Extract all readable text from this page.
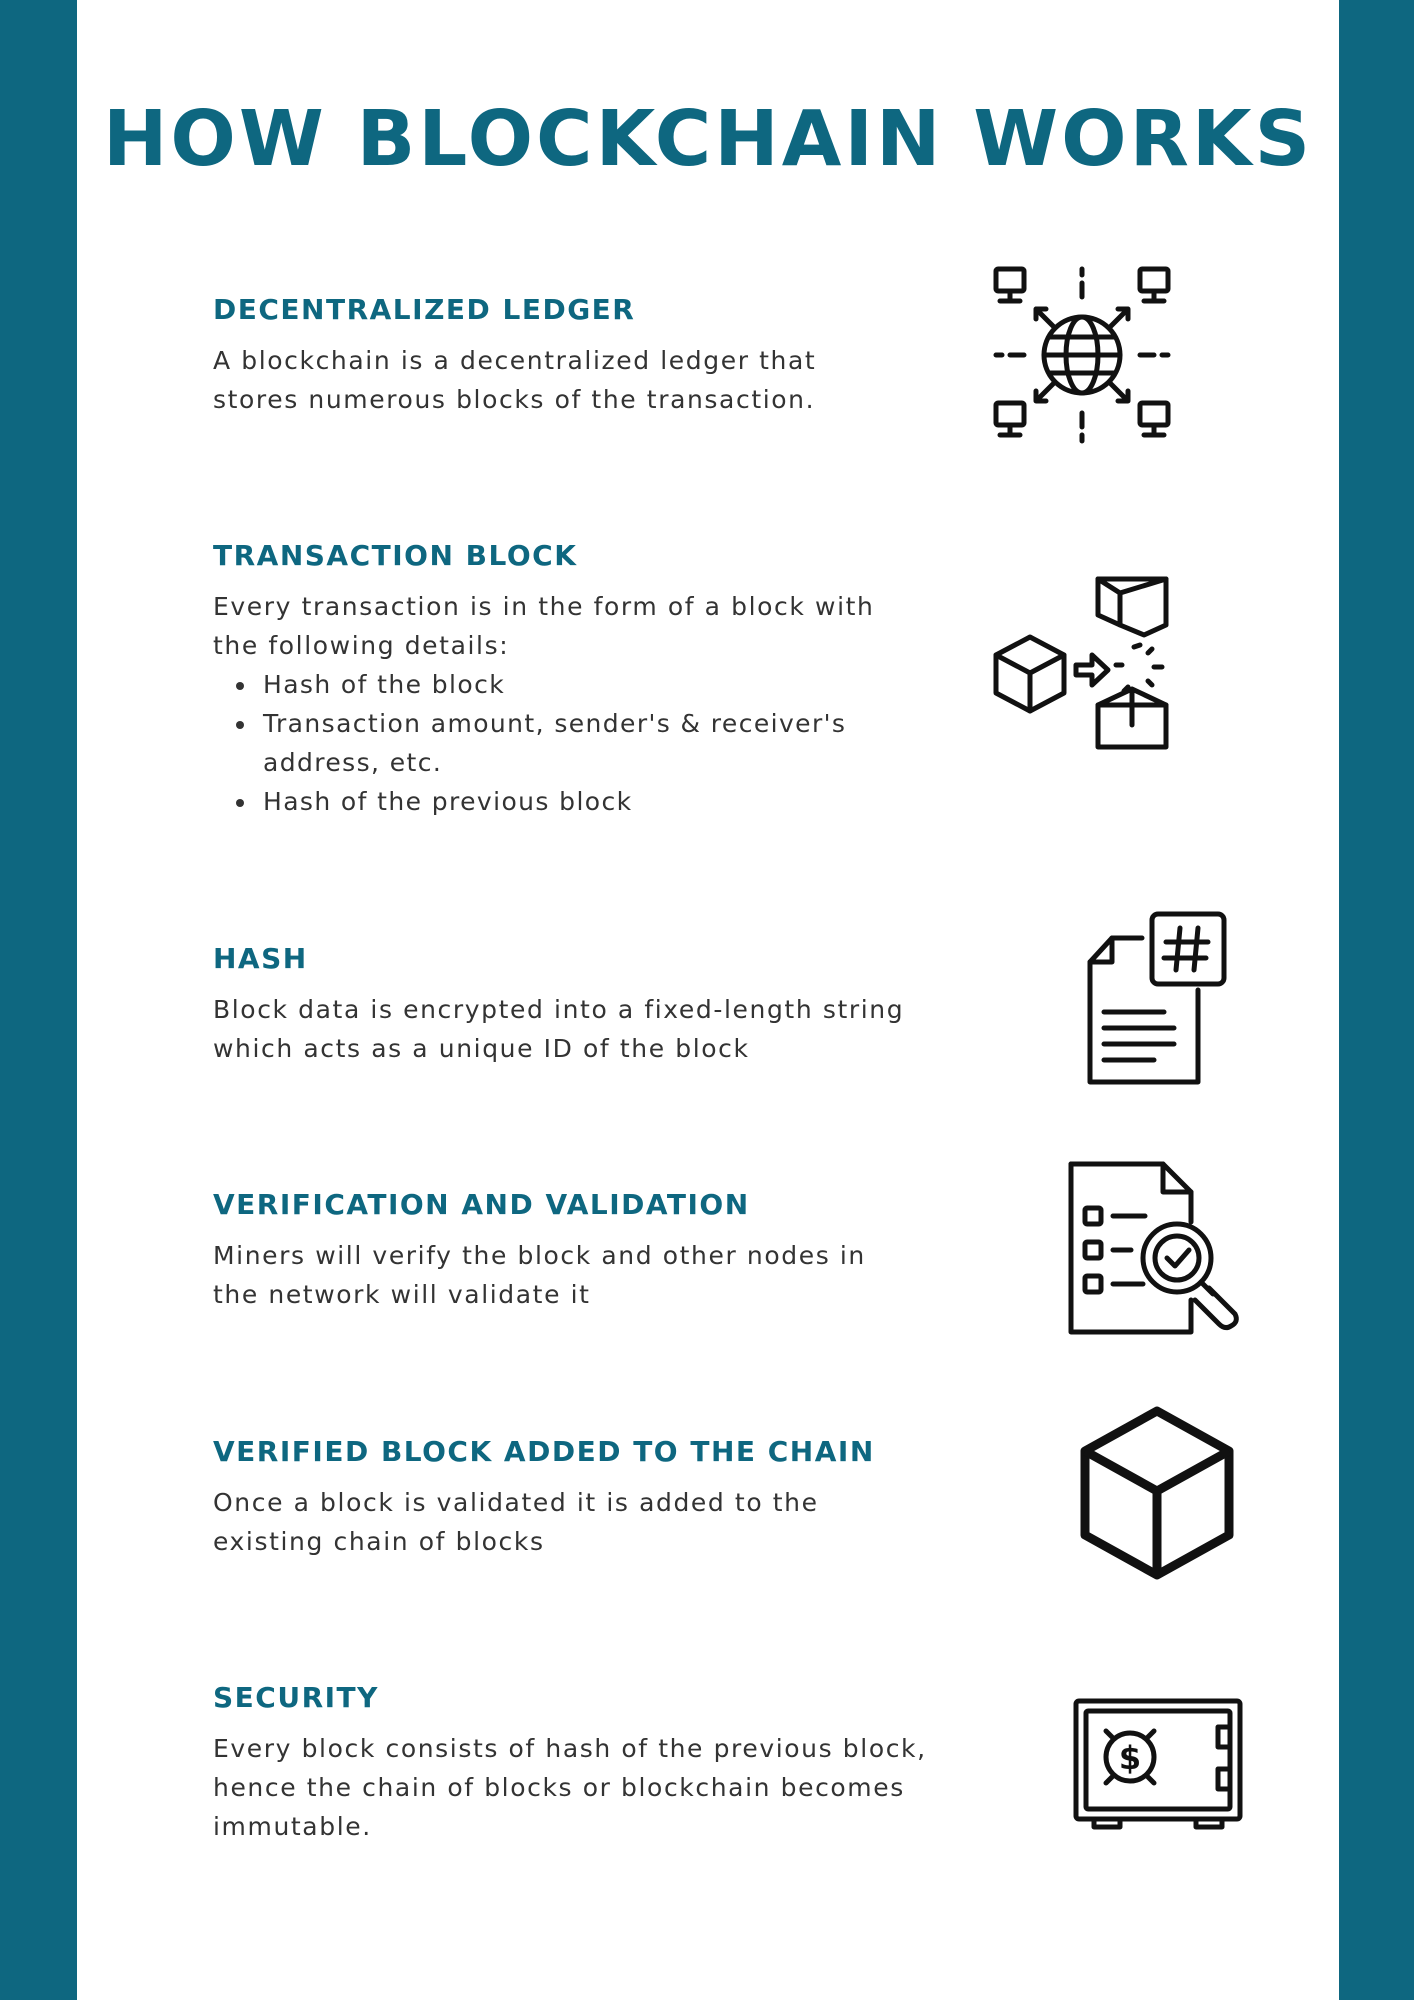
HOW BLOCKCHAIN WORKS
DECENTRALIZED LEDGER

A blockchain is a decentralized ledger that
stores numerous blocks of the transaction.

TRANSACTION BLOCK

Every transaction is in the form of a block with
the following details:

Hash of the block
Transaction amount, sender's & receiver's
address, etc.
Hash of the previous block
HASH

Block data is encrypted into a fixed-length string
which acts as a unique ID of the block

VERIFICATION AND VALIDATION

Miners will verify the block and other nodes in
the network will validate it

VERIFIED BLOCK ADDED TO THE CHAIN

Once a block is validated it is added to the
existing chain of blocks

SECURITY

Every block consists of hash of the previous block,
hence the chain of blocks or blockchain becomes
immutable.

$
